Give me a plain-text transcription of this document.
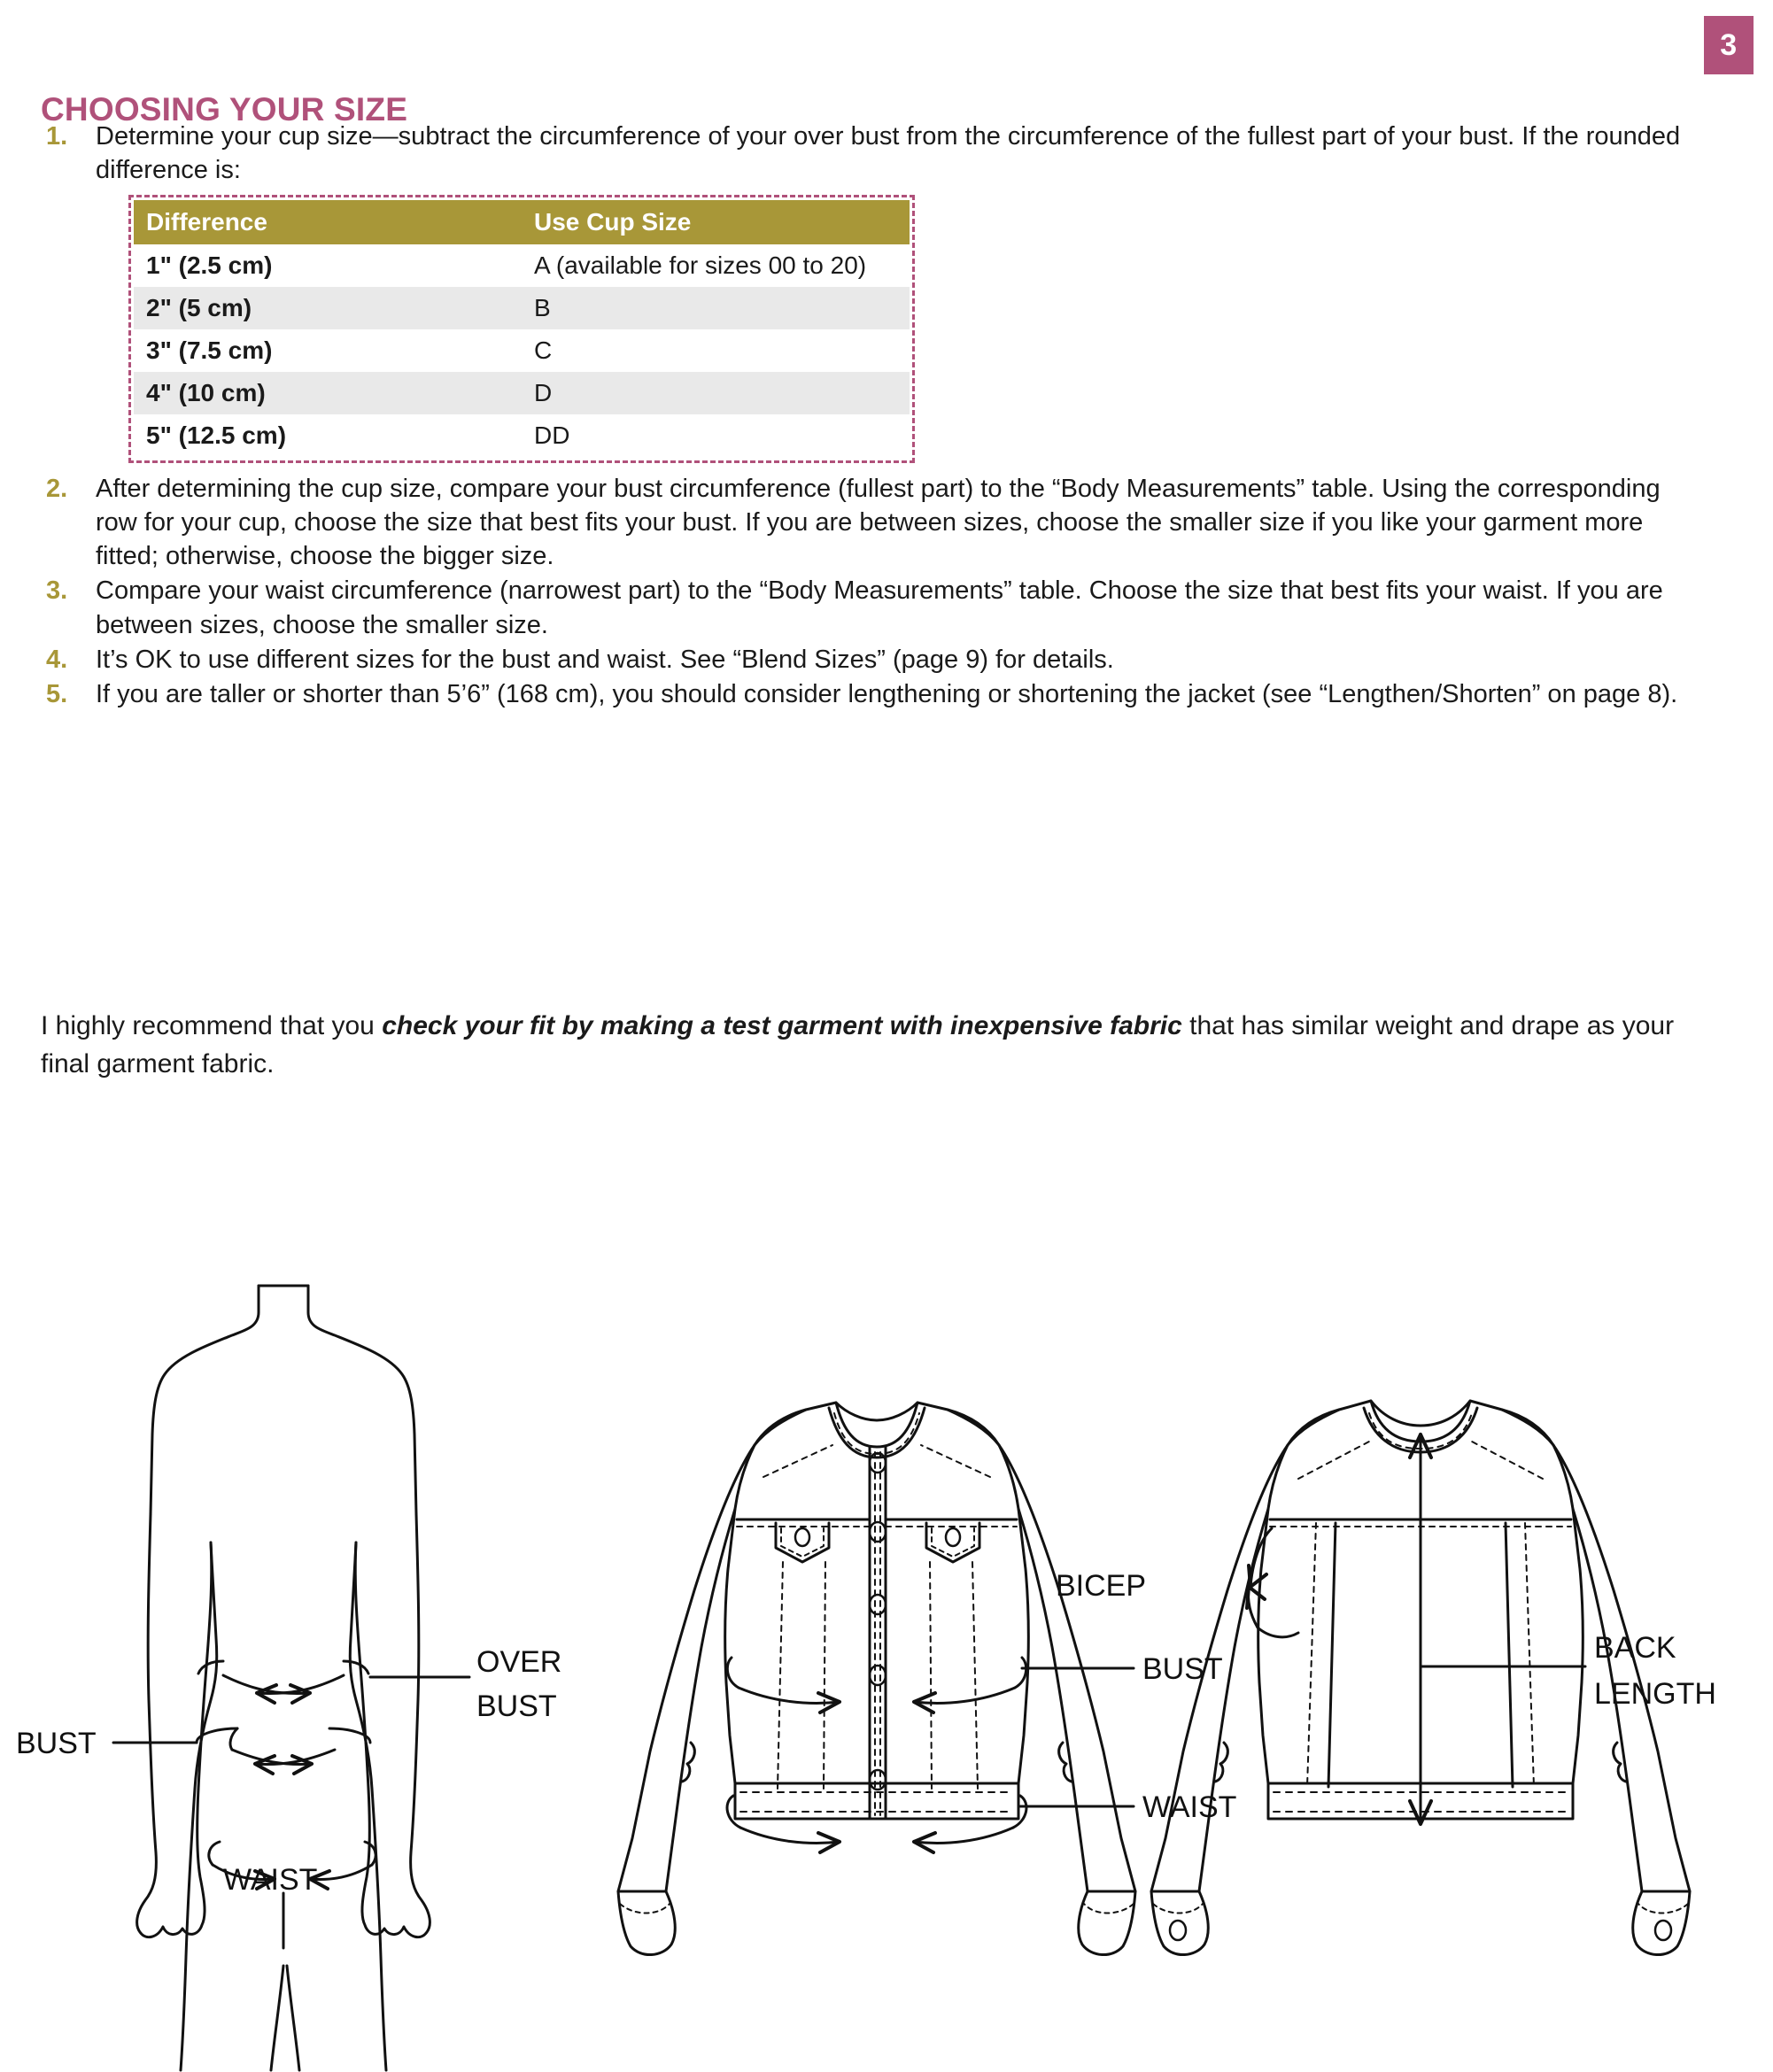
3
CHOOSING YOUR SIZE
1. Determine your cup size—subtract the circumference of your over bust from the circumference of the fullest part of your bust. If the rounded difference is:
Difference	Use Cup Size
1" (2.5 cm)	A (available for sizes 00 to 20)
2" (5 cm)	B
3" (7.5 cm)	C
4" (10 cm)	D
5" (12.5 cm)	DD
2. After determining the cup size, compare your bust circumference (fullest part) to the “Body Measurements” table. Using the corresponding row for your cup, choose the size that best fits your bust. If you are between sizes, choose the smaller size if you like your garment more fitted; otherwise, choose the bigger size.
3. Compare your waist circumference (narrowest part) to the “Body Measurements” table. Choose the size that best fits your waist. If you are between sizes, choose the smaller size.
4. It’s OK to use different sizes for the bust and waist. See “Blend Sizes” (page 9) for details.
5. If you are taller or shorter than 5’6” (168 cm), you should consider lengthening or shortening the jacket (see “Lengthen/Shorten” on page 8).

I highly recommend that you check your fit by making a test garment with inexpensive fabric that has similar weight and drape as your final garment fabric.

BUST
OVER
BUST
WAIST
BUST
WAIST
BICEP
BACK
LENGTH
